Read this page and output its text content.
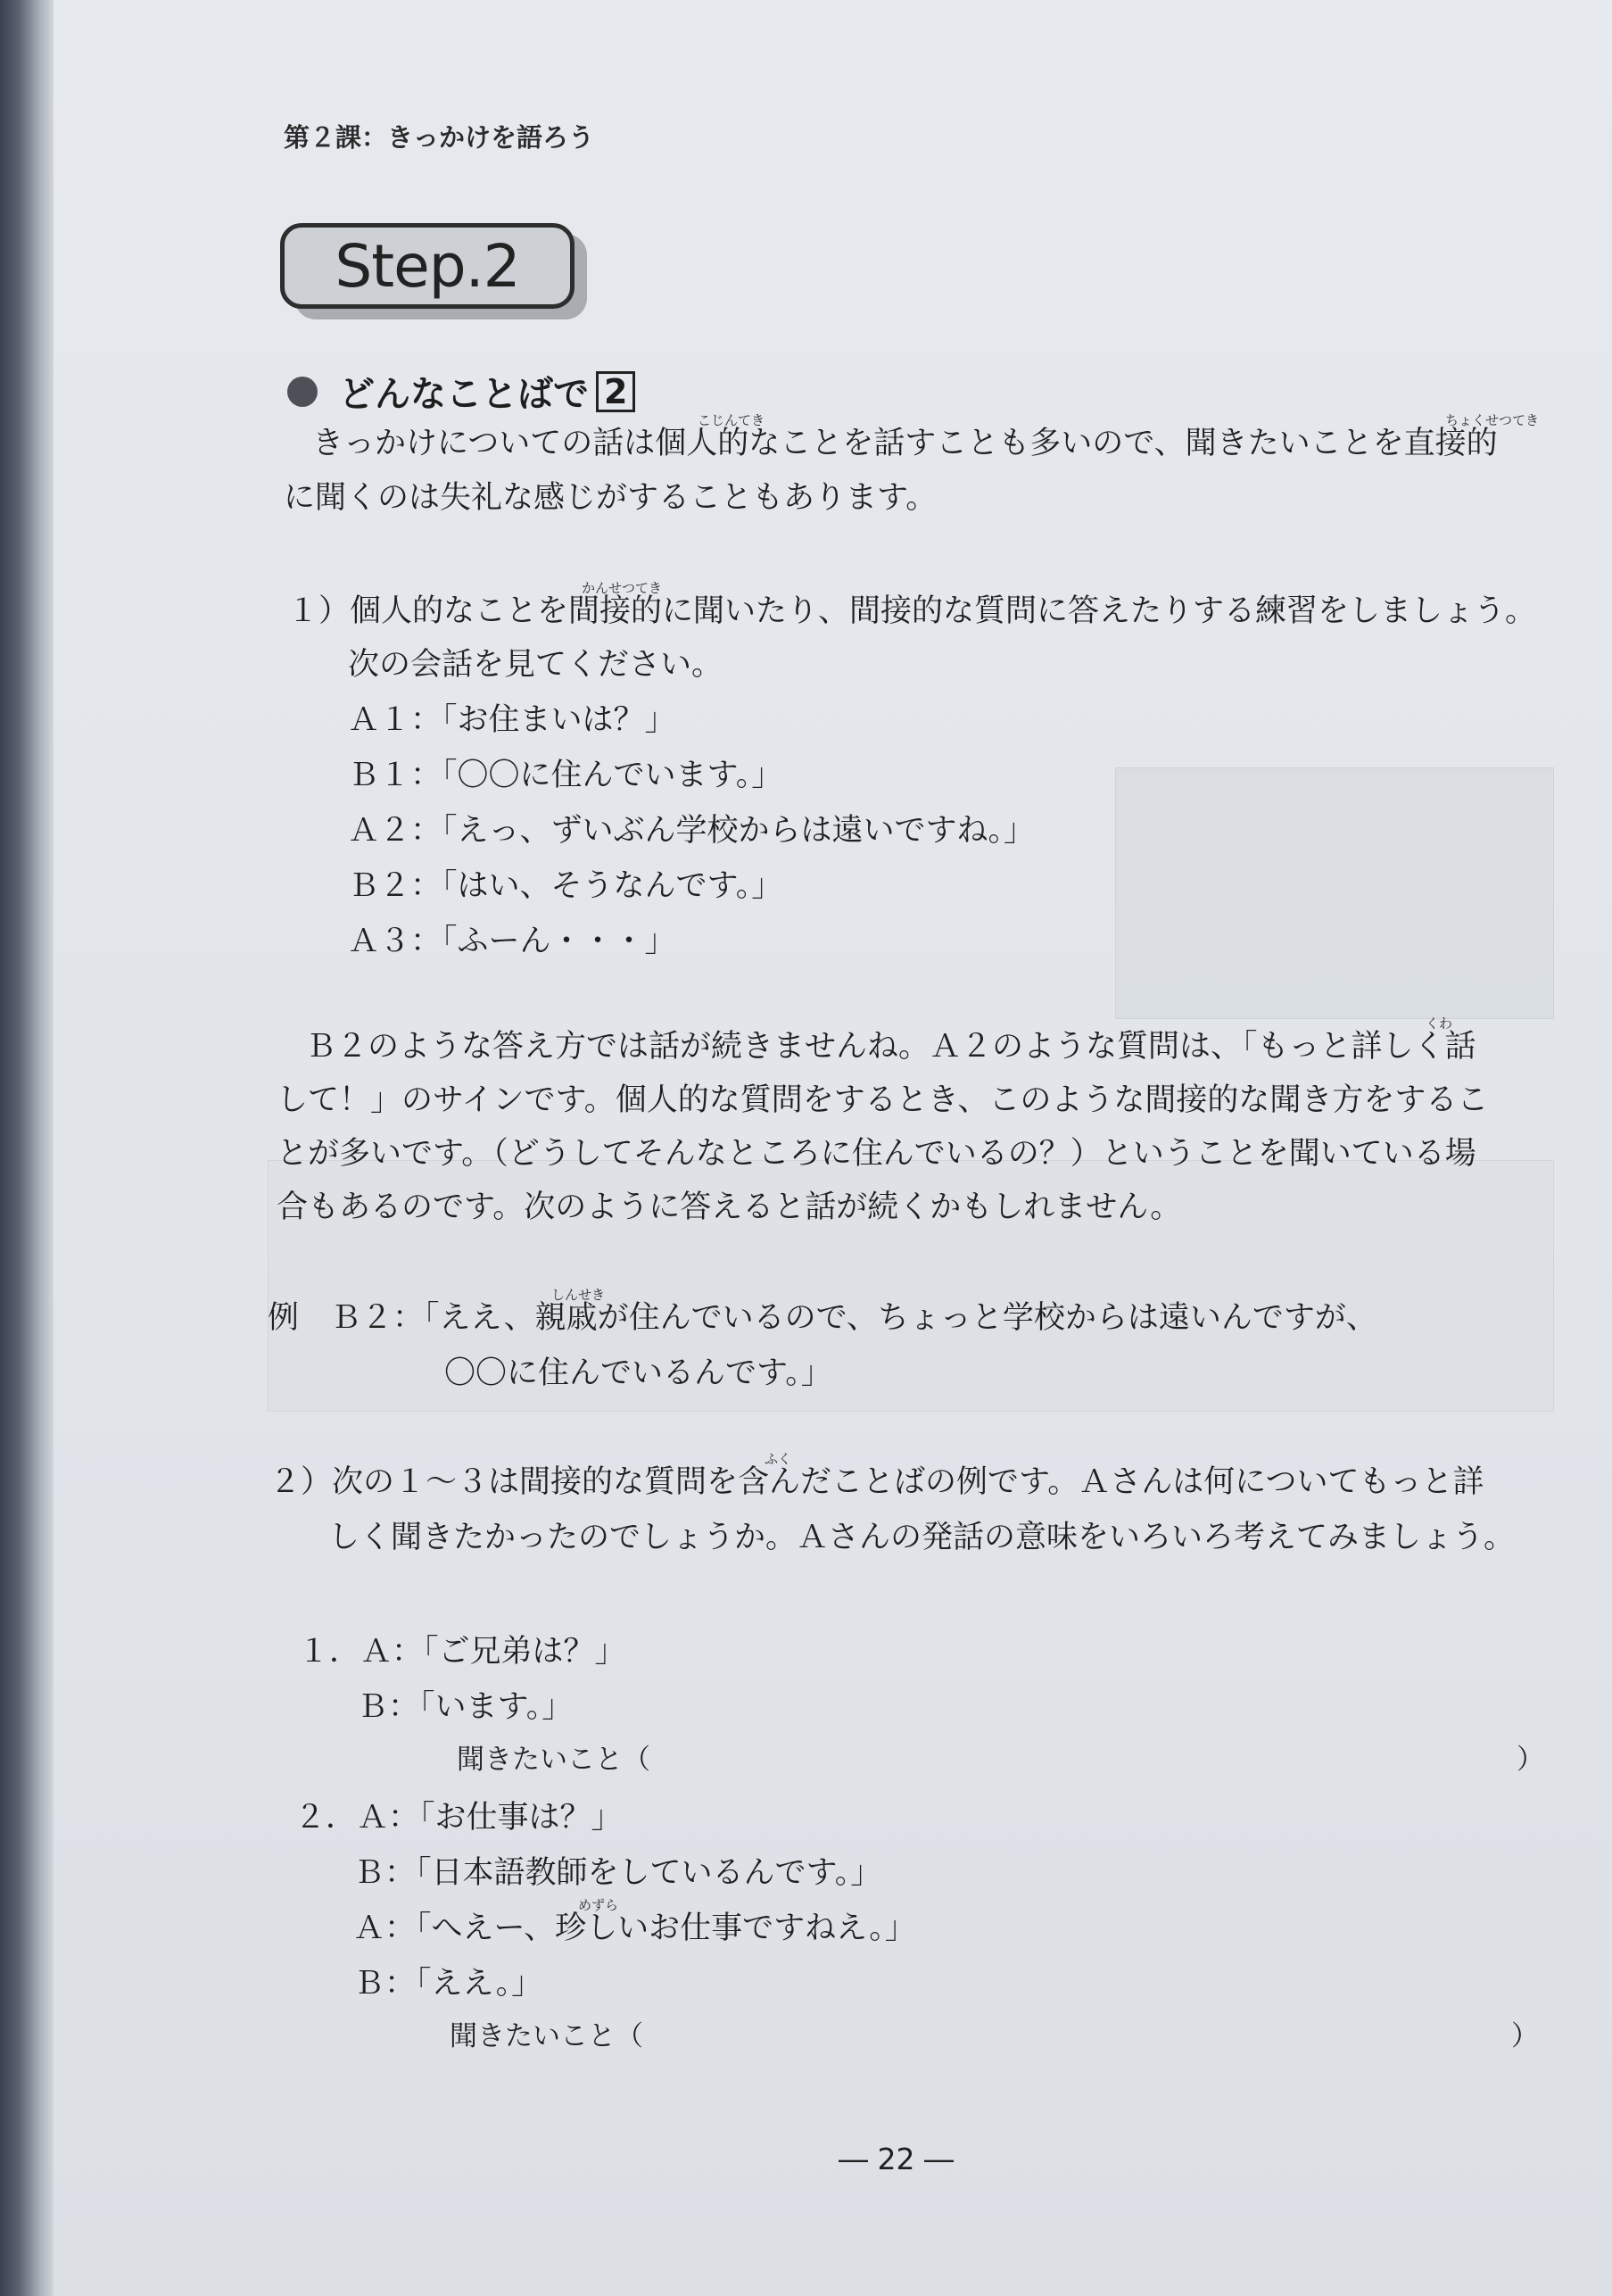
第２課：きっかけを語ろう
Step.2
どんなことばで 2
こじんてき	ちょくせつてき
きっかけについての話は個人的なことを話すことも多いので、聞きたいことを直接的
に聞くのは失礼な感じがすることもあります。
かんせつてき
１）個人的なことを間接的に聞いたり、間接的な質問に答えたりする練習をしましょう。
次の会話を見てください。
Ａ１：「お住まいは？」
Ｂ１：「〇〇に住んでいます。」
Ａ２：「えっ、ずいぶん学校からは遠いですね。」
Ｂ２：「はい、そうなんです。」
Ａ３：「ふーん・・・」
くわ
Ｂ２のような答え方では話が続きませんね。Ａ２のような質問は、「もっと詳しく話
して！」のサインです。個人的な質問をするとき、このような間接的な聞き方をするこ
とが多いです。（どうしてそんなところに住んでいるの？）ということを聞いている場
合もあるのです。次のように答えると話が続くかもしれません。
しんせき
例　Ｂ２：「ええ、親戚が住んでいるので、ちょっと学校からは遠いんですが、
〇〇に住んでいるんです。」
ふく
２）次の１～３は間接的な質問を含んだことばの例です。Ａさんは何についてもっと詳
しく聞きたかったのでしょうか。Ａさんの発話の意味をいろいろ考えてみましょう。
１．Ａ：「ご兄弟は？」
Ｂ：「います。」
聞きたいこと（	）
２．Ａ：「お仕事は？」
Ｂ：「日本語教師をしているんです。」
めずら
Ａ：「へえー、珍しいお仕事ですねえ。」
Ｂ：「ええ。」
聞きたいこと（	）
― 22 ―
